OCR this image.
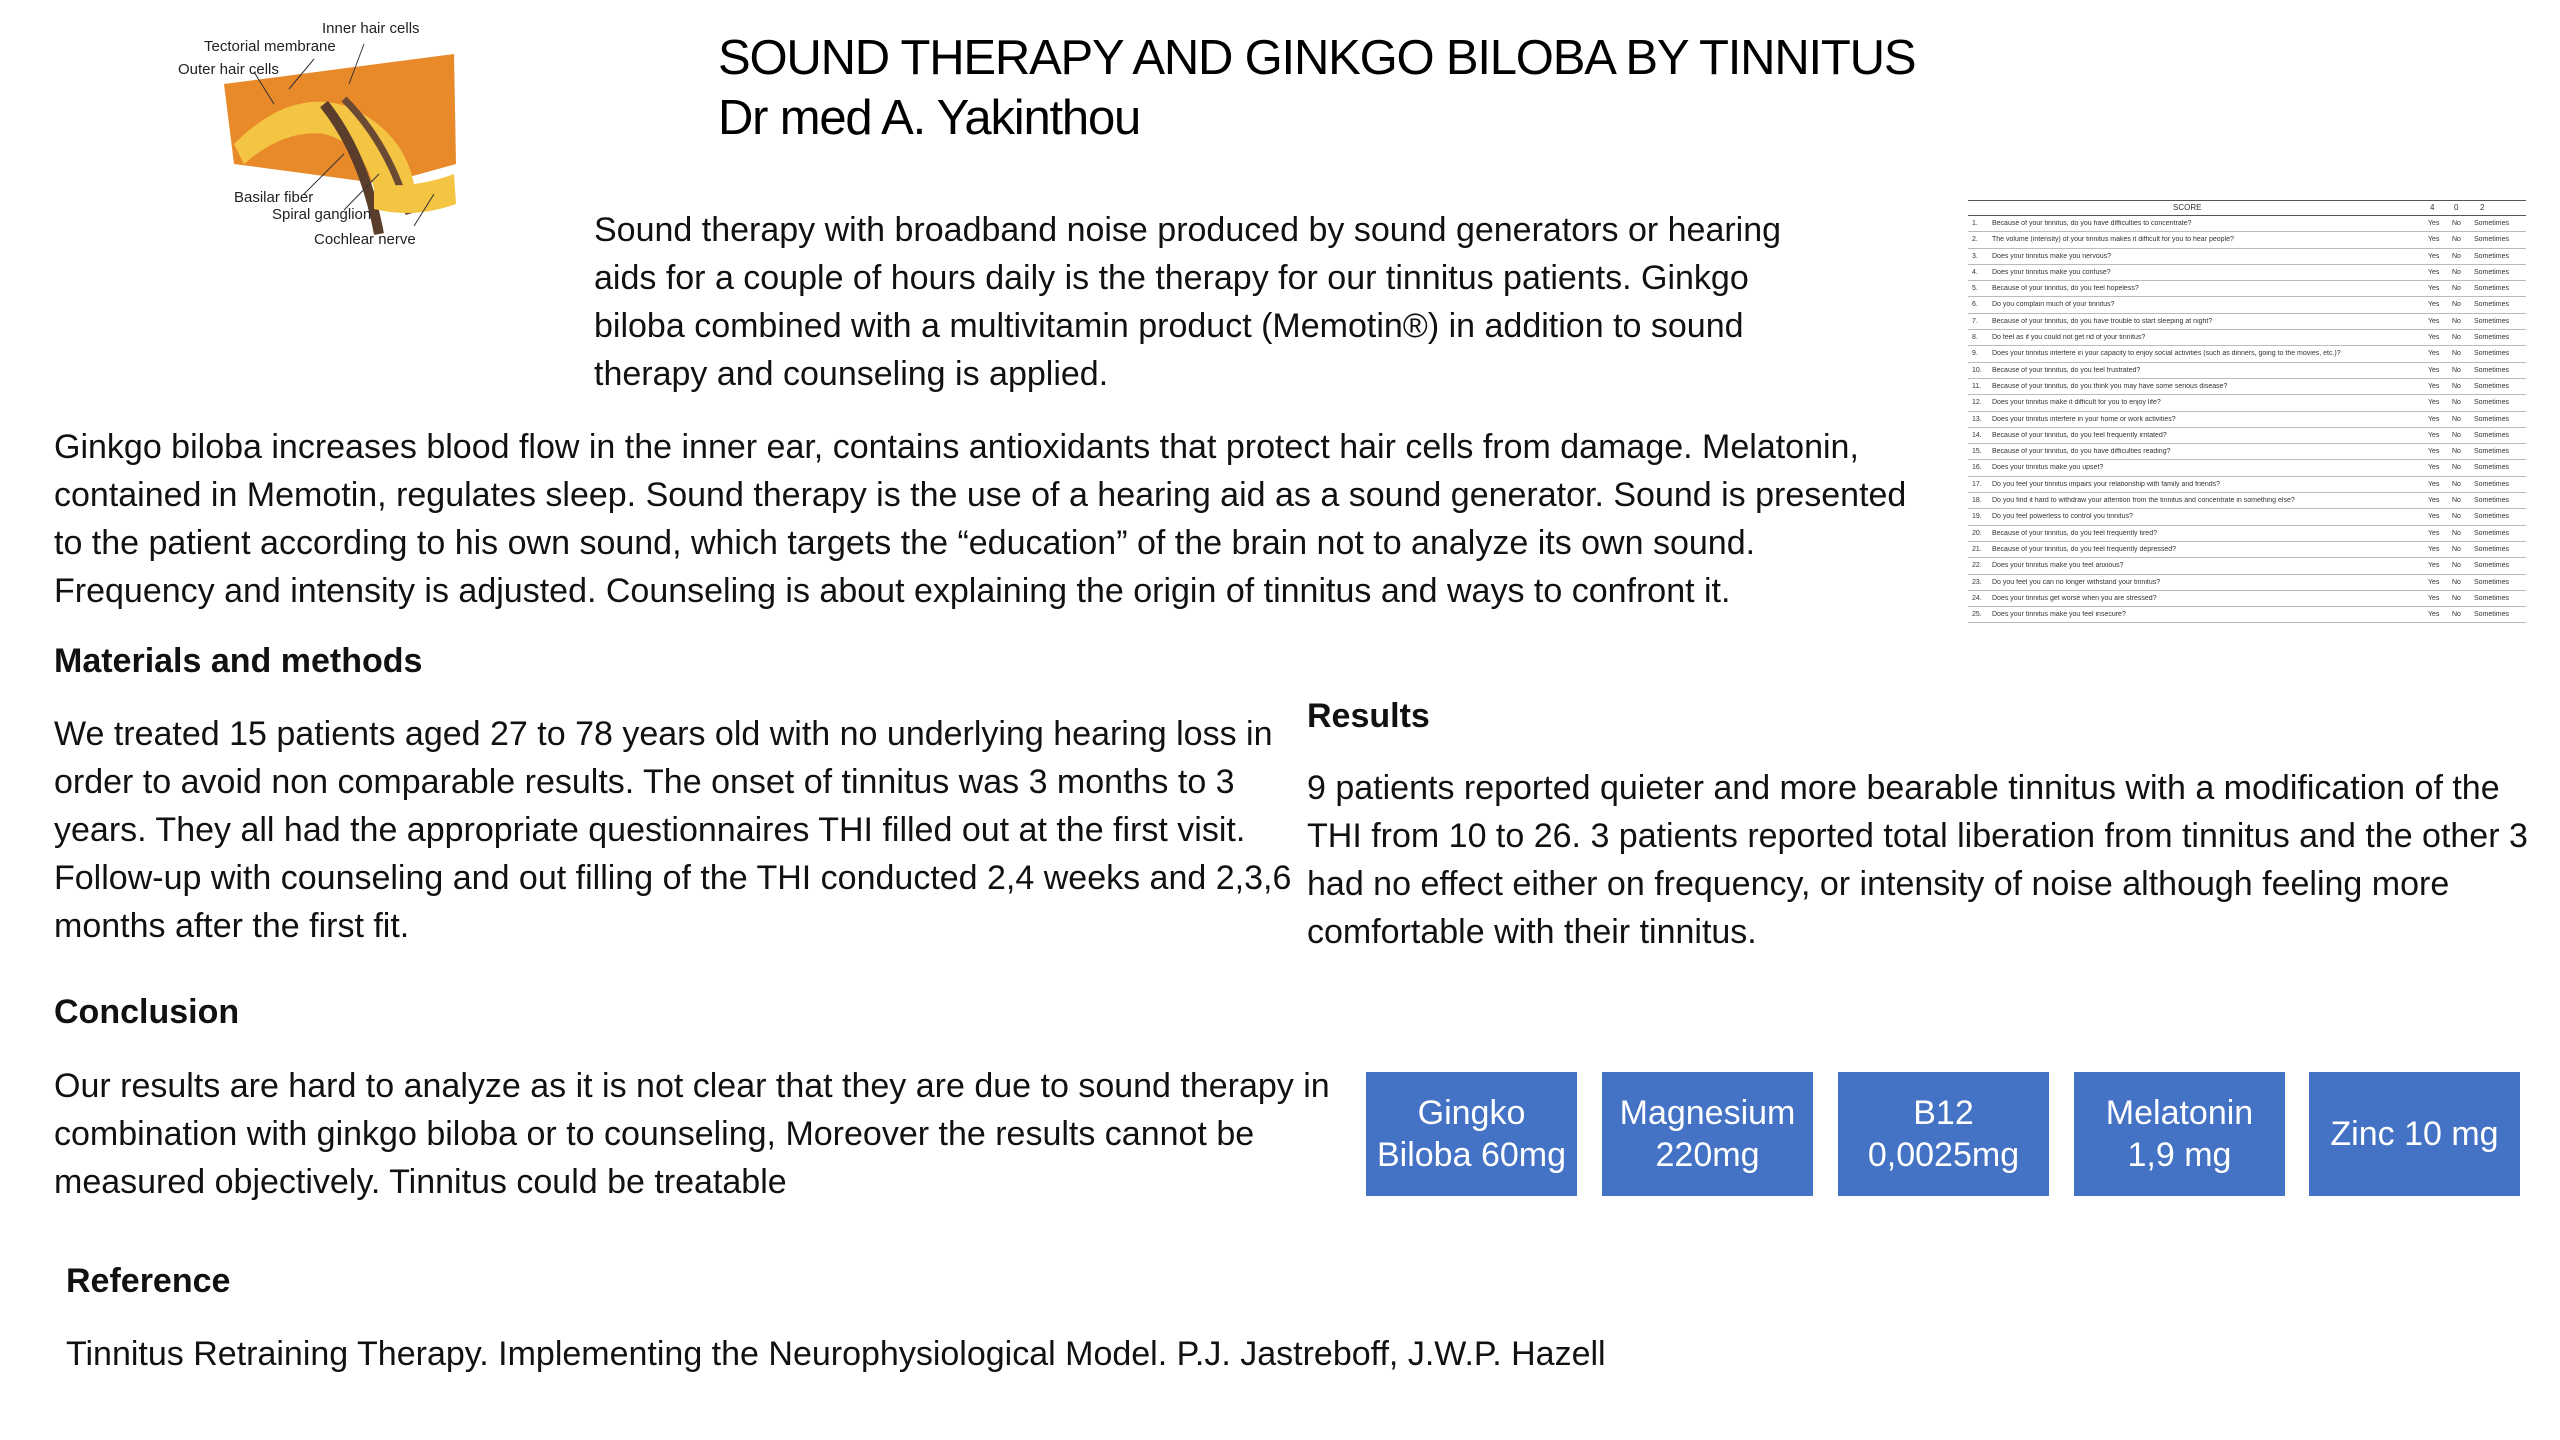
Inner hair cells
Tectorial membrane
Outer hair cells
Basilar fiber
Spiral ganglion
Cochlear nerve
SOUND THERAPY AND GINKGO BILOBA BY TINNITUS
Dr med A. Yakinthou

Sound therapy with broadband noise produced by sound generators or hearing aids for a couple of hours daily is the therapy for our tinnitus patients. Ginkgo biloba combined with a multivitamin product (Memotin®) in addition to sound therapy and counseling is applied.

SCORE	4 0	2
1. Because of your tinnitus, do you have difficulties to concentrate?	Yes No Sometimes
2. The volume (intensity) of your tinnitus makes it difficult for you to hear people?	Yes No Sometimes
3. Does your tinnitus make you nervous?	Yes No Sometimes
4. Does your tinnitus make you confuse?	Yes No Sometimes
5. Because of your tinnitus, do you feel hopeless?	Yes No Sometimes
6. Do you complain much of your tinnitus?	Yes No Sometimes
7. Because of your tinnitus, do you have trouble to start sleeping at night?	Yes No Sometimes
8. Do feel as if you could not get rid of your tinnitus?	Yes No Sometimes
9. Does your tinnitus interfere in your capacity to enjoy social activities (such as dinners, going to the movies, etc.)?	Yes No Sometimes
10. Because of your tinnitus, do you feel frustrated?	Yes No Sometimes
11. Because of your tinnitus, do you think you may have some serious disease?	Yes No Sometimes
12. Does your tinnitus make it difficult for you to enjoy life?	Yes No Sometimes
13. Does your tinnitus interfere in your home or work activities?	Yes No Sometimes
14. Because of your tinnitus, do you feel frequently irritated?	Yes No Sometimes
15. Because of your tinnitus, do you have difficulties reading?	Yes No Sometimes
16. Does your tinnitus make you upset?	Yes No Sometimes
17. Do you feel your tinnitus impairs your relationship with family and friends?	Yes No Sometimes
18. Do you find it hard to withdraw your attention from the tinnitus and concentrate in something else?	Yes No Sometimes
19. Do you feel powerless to control you tinnitus?	Yes No Sometimes
20. Because of your tinnitus, do you feel frequently tired?	Yes No Sometimes
21. Because of your tinnitus, do you feel frequently depressed?	Yes No Sometimes
22. Does your tinnitus make you feel anxious?	Yes No Sometimes
23. Do you feel you can no longer withstand your tinnitus?	Yes No Sometimes
24. Does your tinnitus get worse when you are stressed?	Yes No Sometimes
25. Does your tinnitus make you feel insecure?	Yes No Sometimes

Ginkgo biloba increases blood flow in the inner ear, contains antioxidants that protect hair cells from damage. Melatonin, contained in Memotin, regulates sleep. Sound therapy is the use of a hearing aid as a sound generator. Sound is presented to the patient according to his own sound, which targets the “education” of the brain not to analyze its own sound. Frequency and intensity is adjusted. Counseling is about explaining the origin of tinnitus and ways to confront it.

Materials and methods

We treated 15 patients aged 27 to 78 years old with no underlying hearing loss in order to avoid non comparable results. The onset of tinnitus was 3 months to 3 years. They all had the appropriate questionnaires THI filled out at the first visit. Follow-up with counseling and out filling of the THI conducted 2,4 weeks and 2,3,6 months after the first fit.

Results

9 patients reported quieter and more bearable tinnitus with a modification of the THI from 10 to 26. 3 patients reported total liberation from tinnitus and the other 3 had no effect either on frequency, or intensity of noise although feeling more comfortable with their tinnitus.

Conclusion

Our results are hard to analyze as it is not clear that they are due to sound therapy in combination with ginkgo biloba or to counseling, Moreover the results cannot be measured objectively. Tinnitus could be treatable

Gingko
Biloba 60mg
Magnesium
220mg
B12
0,0025mg
Melatonin
1,9 mg
Zinc 10 mg
Reference
Tinnitus Retraining Therapy. Implementing the Neurophysiological Model. P.J. Jastreboff, J.W.P. Hazell
